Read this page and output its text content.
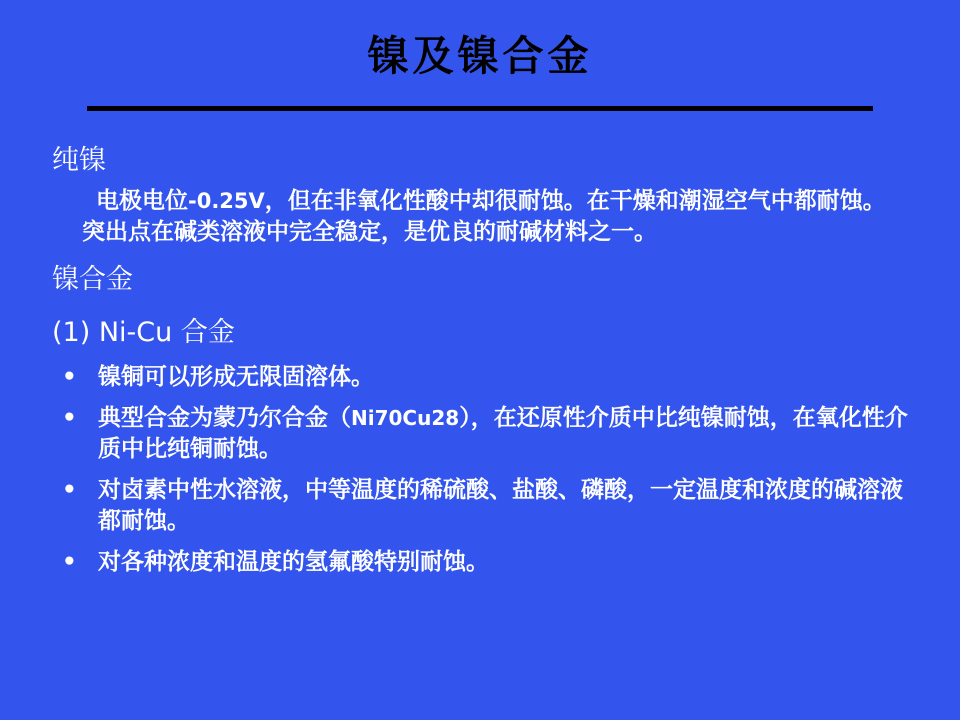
镍及镍合金
纯镍
电极电位-0.25V，但在非氧化性酸中却很耐蚀。在干燥和潮湿空气中都耐蚀。突出点在碱类溶液中完全稳定，是优良的耐碱材料之一。
镍合金
(1) Ni-Cu 合金
• 镍铜可以形成无限固溶体。
• 典型合金为蒙乃尔合金（Ni70Cu28），在还原性介质中比纯镍耐蚀，在氧化性介质中比纯铜耐蚀。
• 对卤素中性水溶液，中等温度的稀硫酸、盐酸、磷酸，一定温度和浓度的碱溶液都耐蚀。
• 对各种浓度和温度的氢氟酸特别耐蚀。
